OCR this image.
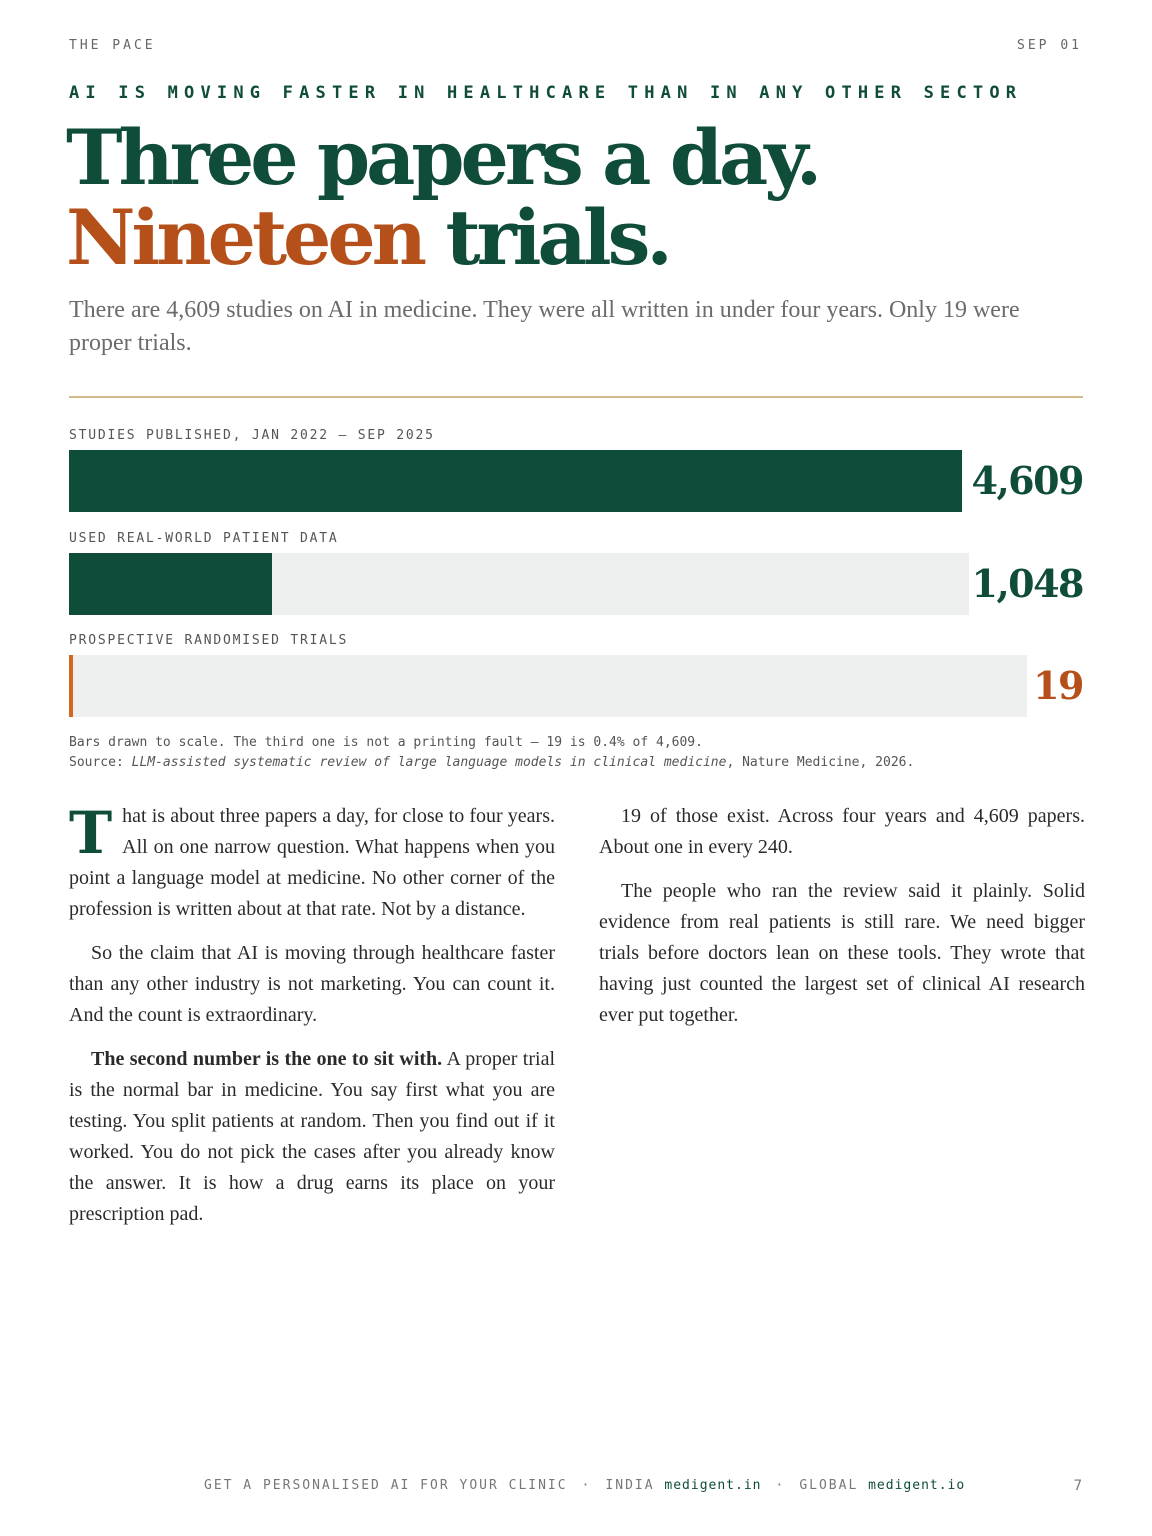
THE PACE	SEP 01
AI IS MOVING FASTER IN HEALTHCARE THAN IN ANY OTHER SECTOR
Three papers a day.
Nineteen trials.
There are 4,609 studies on AI in medicine. They were all written in under four years. Only 19 were proper trials.
STUDIES PUBLISHED, JAN 2022 – SEP 2025
4,609
USED REAL-WORLD PATIENT DATA
1,048
PROSPECTIVE RANDOMISED TRIALS
19
Bars drawn to scale. The third one is not a printing fault — 19 is 0.4% of 4,609.
Source: LLM-assisted systematic review of large language models in clinical medicine, Nature Medicine, 2026.

That is about three papers a day, for close to four years. All on one narrow question. What happens when you point a language model at medicine. No other corner of the profession is written about at that rate. Not by a distance.

So the claim that AI is moving through healthcare faster than any other industry is not marketing. You can count it. And the count is extraordinary.

The second number is the one to sit with. A proper trial is the normal bar in medicine. You say first what you are testing. You split patients at random. Then you find out if it worked. You do not pick the cases after you already know the answer. It is how a drug earns its place on your prescription pad.

19 of those exist. Across four years and 4,609 papers. About one in every 240.

The people who ran the review said it plainly. Solid evidence from real patients is still rare. We need bigger trials before doctors lean on these tools. They wrote that having just counted the largest set of clinical AI research ever put together.

GET A PERSONALISED AI FOR YOUR CLINIC · INDIA medigent.in · GLOBAL medigent.io	7
